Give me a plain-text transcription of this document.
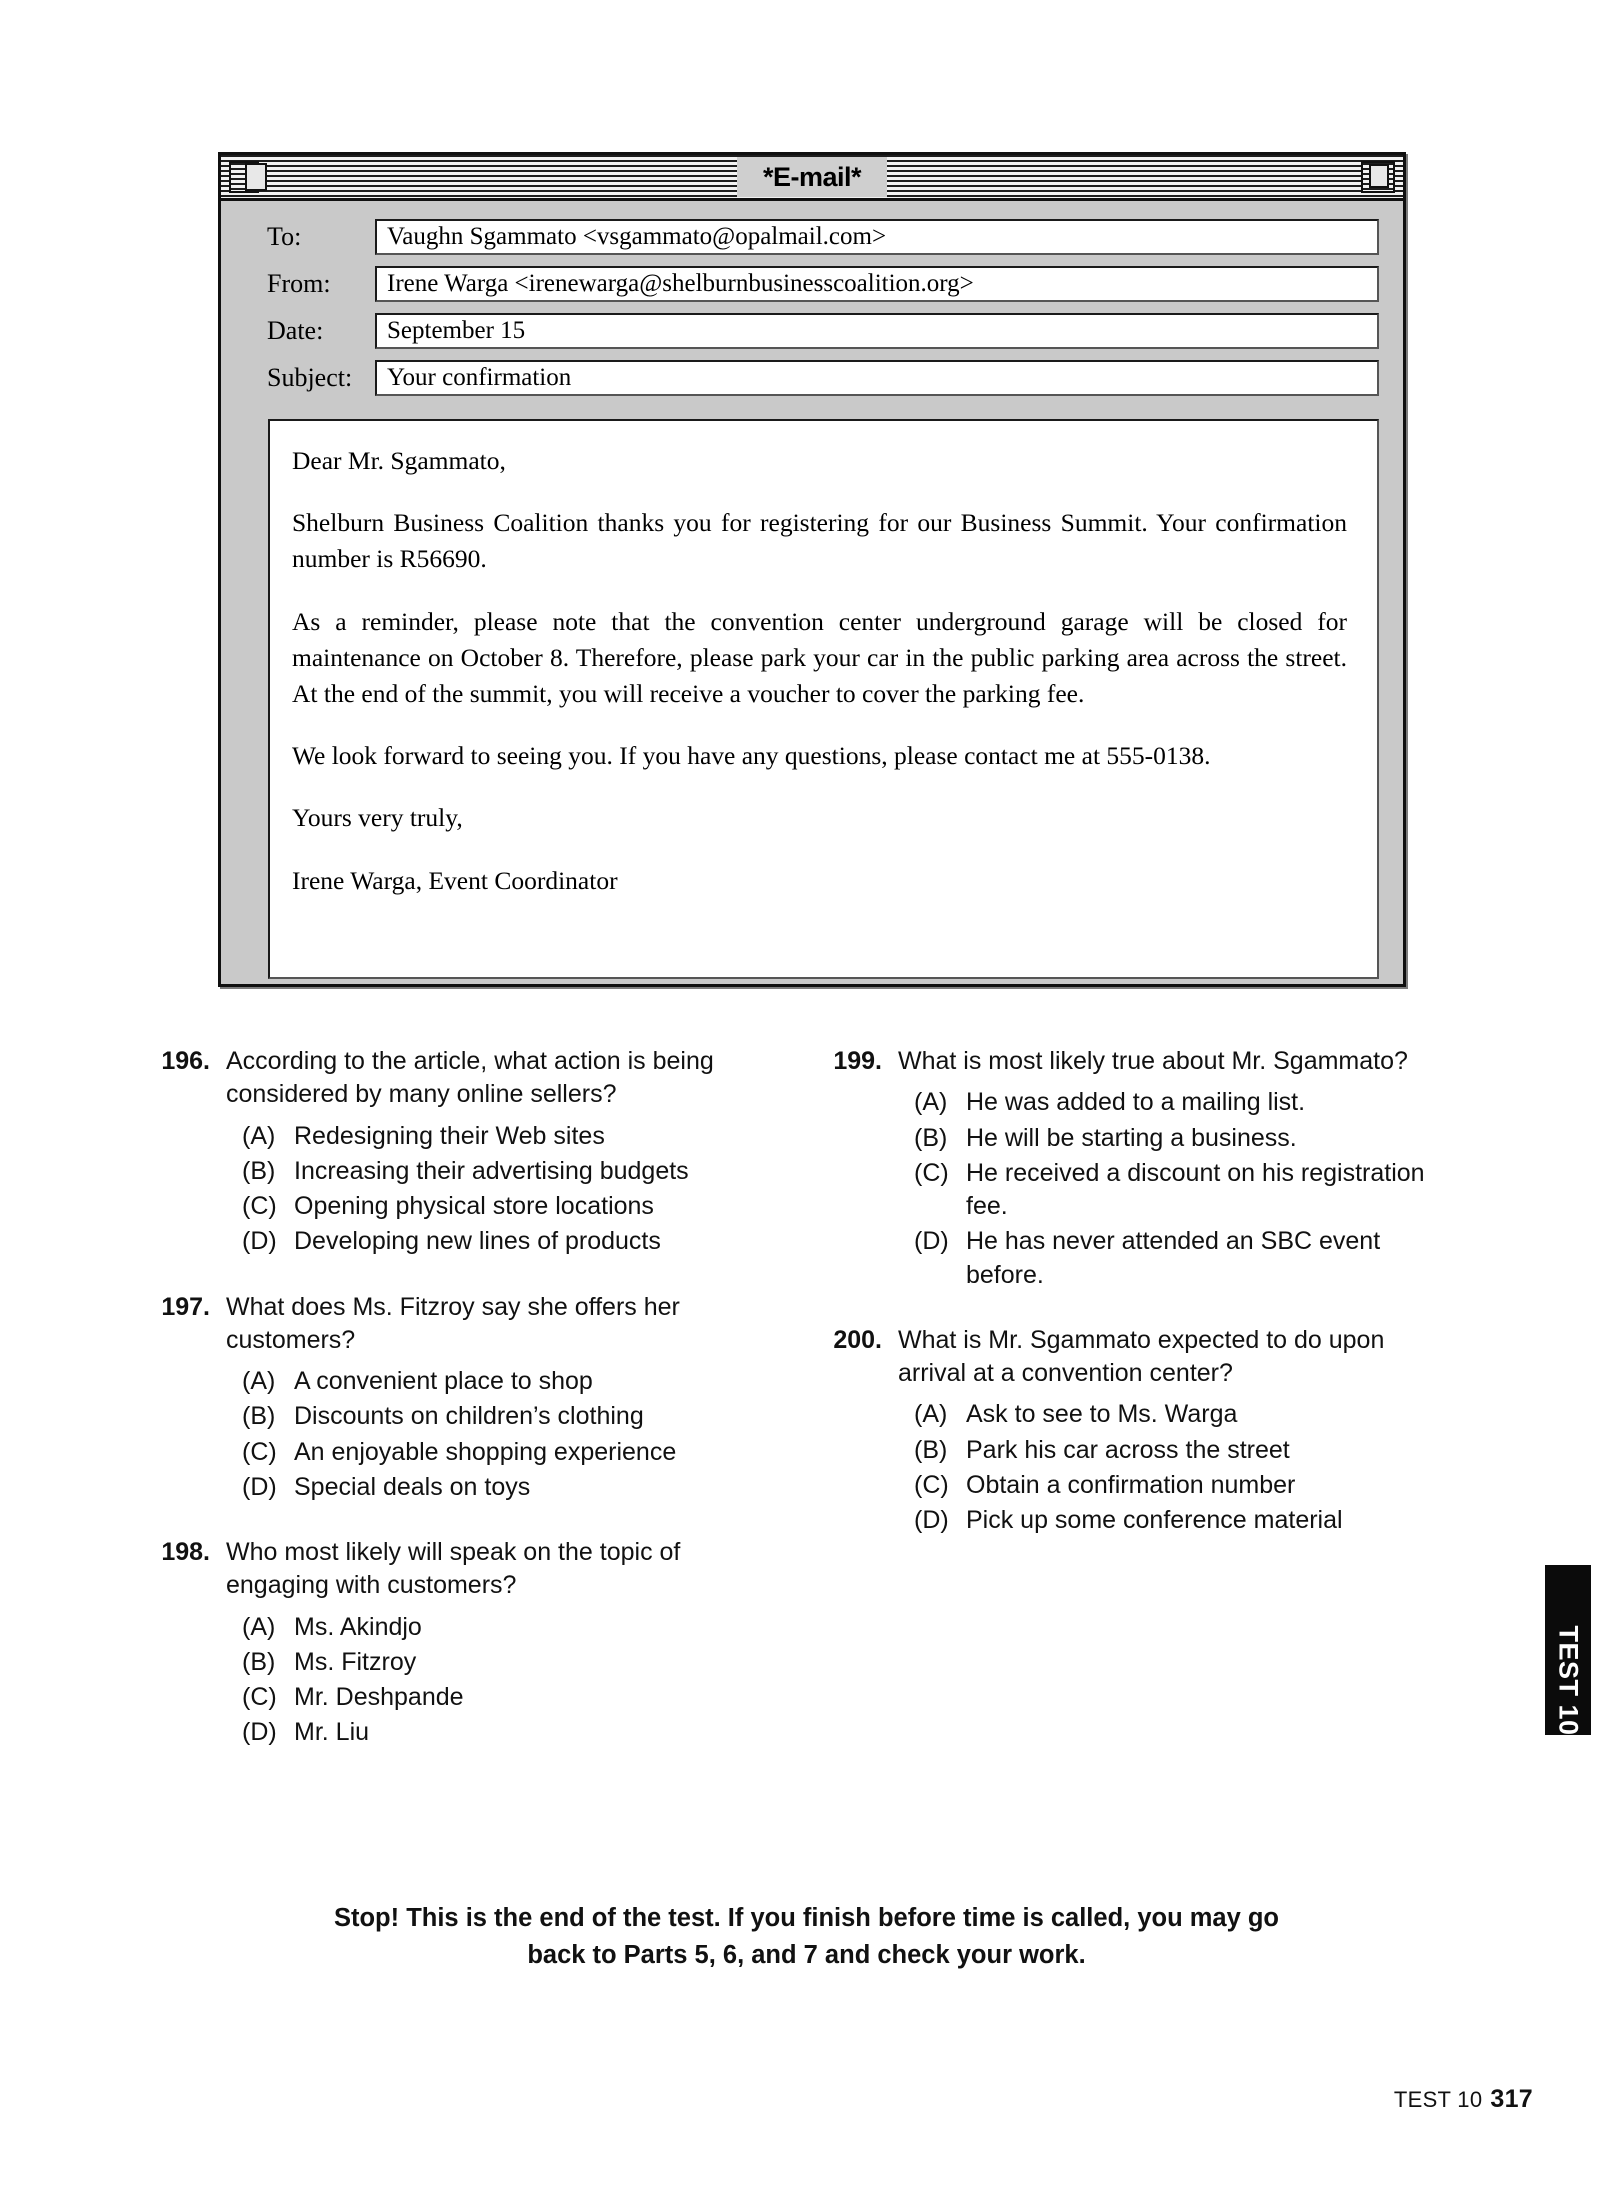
*E-mail*
To:	Vaughn Sgammato <vsgammato@opalmail.com>
From:	Irene Warga <irenewarga@shelburnbusinesscoalition.org>
Date:	September 15
Subject:	Your confirmation

Dear Mr. Sgammato,

Shelburn Business Coalition thanks you for registering for our Business Summit. Your confirmation number is R56690.

As a reminder, please note that the convention center underground garage will be closed for maintenance on October 8. Therefore, please park your car in the public parking area across the street. At the end of the summit, you will receive a voucher to cover the parking fee.

We look forward to seeing you. If you have any questions, please contact me at 555-0138.

Yours very truly,

Irene Warga, Event Coordinator

196. According to the article, what action is being considered by many online sellers?
(A) Redesigning their Web sites
(B) Increasing their advertising budgets
(C) Opening physical store locations
(D) Developing new lines of products
197. What does Ms. Fitzroy say she offers her customers?
(A) A convenient place to shop
(B) Discounts on children’s clothing
(C) An enjoyable shopping experience
(D) Special deals on toys
198. Who most likely will speak on the topic of engaging with customers?
(A) Ms. Akindjo
(B) Ms. Fitzroy
(C) Mr. Deshpande
(D) Mr. Liu
199. What is most likely true about Mr. Sgammato?
(A) He was added to a mailing list.
(B) He will be starting a business.
(C) He received a discount on his registration fee.
(D) He has never attended an SBC event before.
200. What is Mr. Sgammato expected to do upon arrival at a convention center?
(A) Ask to see to Ms. Warga
(B) Park his car across the street
(C) Obtain a confirmation number
(D) Pick up some conference material
TEST 10
Stop! This is the end of the test. If you finish before time is called, you may go
back to Parts 5, 6, and 7 and check your work.
TEST 10 317
